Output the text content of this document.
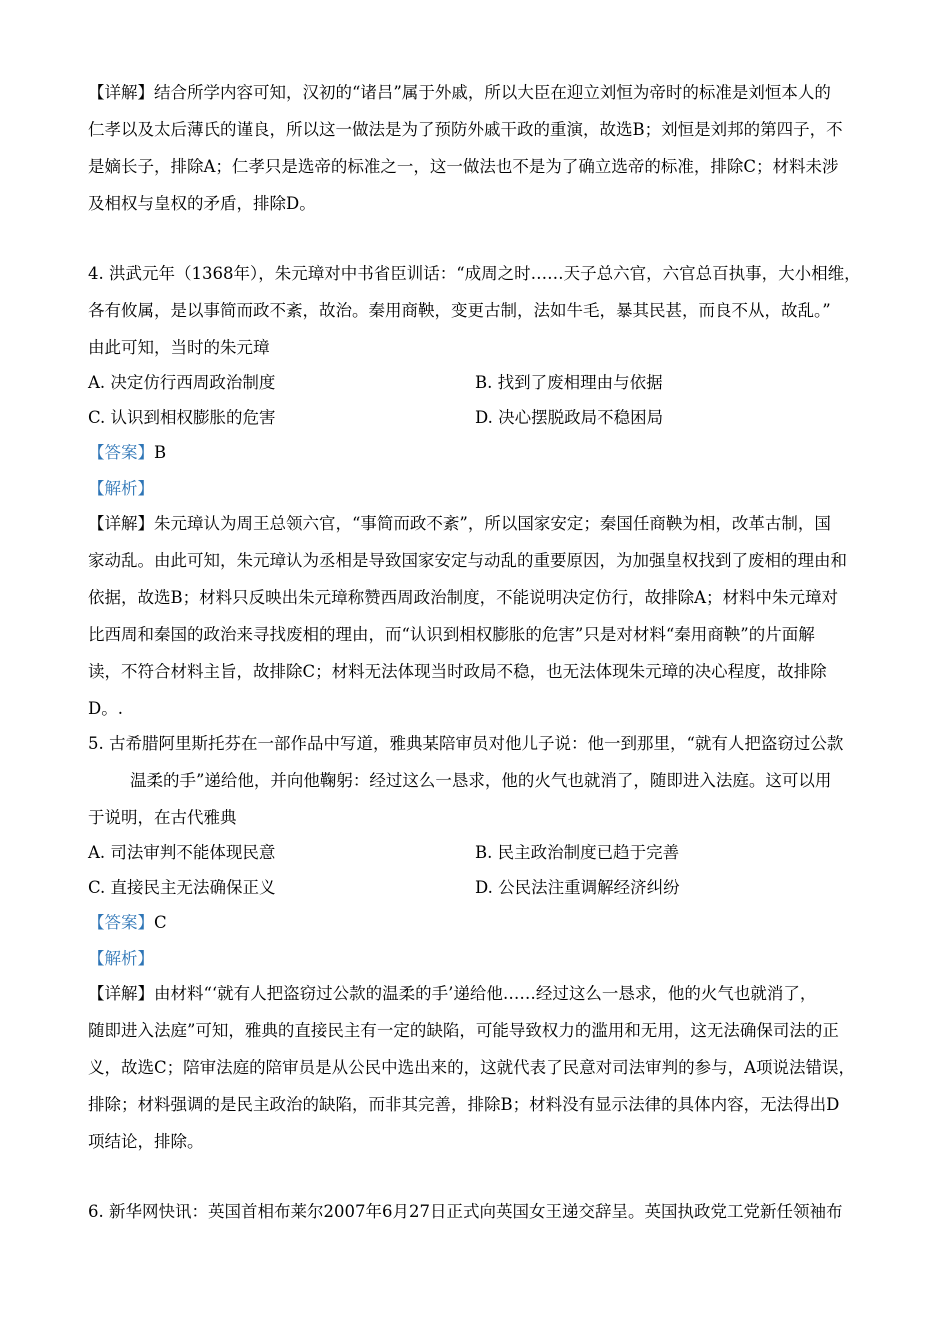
【详解】结合所学内容可知，汉初的“诸吕”属于外戚，所以大臣在迎立刘恒为帝时的标准是刘恒本人的
仁孝以及太后薄氏的谨良，所以这一做法是为了预防外戚干政的重演，故选B；刘恒是刘邦的第四子，不
是嫡长子，排除A；仁孝只是选帝的标准之一，这一做法也不是为了确立选帝的标准，排除C；材料未涉
及相权与皇权的矛盾，排除D。
4. 洪武元年（1368年），朱元璋对中书省臣训话：“成周之时……天子总六官，六官总百执事，大小相维，
各有攸属，是以事简而政不紊，故治。秦用商鞅，变更古制，法如牛毛，暴其民甚，而良不从，故乱。”
由此可知，当时的朱元璋
A. 决定仿行西周政治制度	B. 找到了废相理由与依据
C. 认识到相权膨胀的危害	D. 决心摆脱政局不稳困局
【答案】B
【解析】
【详解】朱元璋认为周王总领六官，“事简而政不紊”，所以国家安定；秦国任商鞅为相，改革古制，国
家动乱。由此可知，朱元璋认为丞相是导致国家安定与动乱的重要原因，为加强皇权找到了废相的理由和
依据，故选B；材料只反映出朱元璋称赞西周政治制度，不能说明决定仿行，故排除A；材料中朱元璋对
比西周和秦国的政治来寻找废相的理由，而“认识到相权膨胀的危害”只是对材料“秦用商鞅”的片面解
读，不符合材料主旨，故排除C；材料无法体现当时政局不稳，也无法体现朱元璋的决心程度，故排除
D。.
5. 古希腊阿里斯托芬在一部作品中写道，雅典某陪审员对他儿子说：他一到那里，“就有人把盗窃过公款
温柔的手”递给他，并向他鞠躬：经过这么一恳求，他的火气也就消了，随即进入法庭。这可以用
于说明，在古代雅典
A. 司法审判不能体现民意	B. 民主政治制度已趋于完善
C. 直接民主无法确保正义	D. 公民法注重调解经济纠纷
【答案】C
【解析】
【详解】由材料“‘就有人把盗窃过公款的温柔的手’递给他……经过这么一恳求，他的火气也就消了，
随即进入法庭”可知，雅典的直接民主有一定的缺陷，可能导致权力的滥用和无用，这无法确保司法的正
义，故选C；陪审法庭的陪审员是从公民中选出来的，这就代表了民意对司法审判的参与，A项说法错误，
排除；材料强调的是民主政治的缺陷，而非其完善，排除B；材料没有显示法律的具体内容，无法得出D
项结论，排除。
6. 新华网快讯：英国首相布莱尔2007年6月27日正式向英国女王递交辞呈。英国执政党工党新任领袖布
